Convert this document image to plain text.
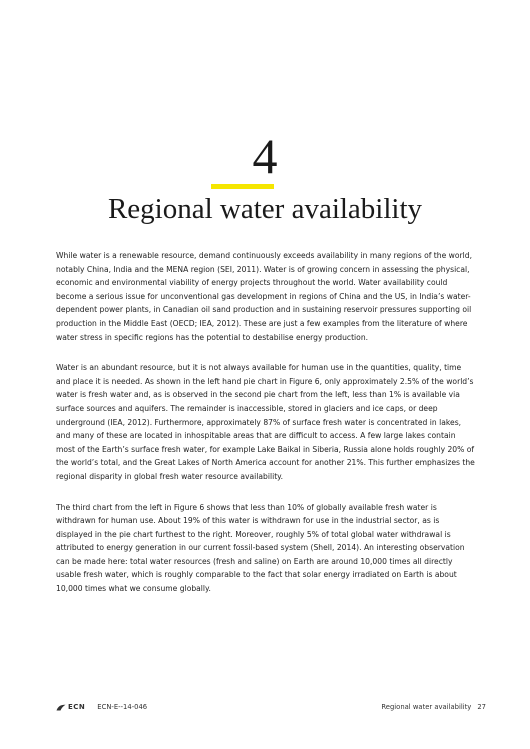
4
Regional water availability

While water is a renewable resource, demand continuously exceeds availability in many regions of the world, notably China, India and the MENA region (SEI, 2011). Water is of growing concern in assessing the physical, economic and environmental viability of energy projects throughout the world. Water availability could become a serious issue for unconventional gas development in regions of China and the US, in India’s water-dependent power plants, in Canadian oil sand production and in sustaining reservoir pressures supporting oil production in the Middle East (OECD; IEA, 2012). These are just a few examples from the literature of where water stress in specific regions has the potential to destabilise energy production.

Water is an abundant resource, but it is not always available for human use in the quantities, quality, time and place it is needed. As shown in the left hand pie chart in Figure 6, only approximately 2.5% of the world’s water is fresh water and, as is observed in the second pie chart from the left, less than 1% is available via surface sources and aquifers. The remainder is inaccessible, stored in glaciers and ice caps, or deep underground (IEA, 2012). Furthermore, approximately 87% of surface fresh water is concentrated in lakes, and many of these are located in inhospitable areas that are difficult to access. A few large lakes contain most of the Earth’s surface fresh water, for example Lake Baikal in Siberia, Russia alone holds roughly 20% of the world’s total, and the Great Lakes of North America account for another 21%. This further emphasizes the regional disparity in global fresh water resource availability.

The third chart from the left in Figure 6 shows that less than 10% of globally available fresh water is withdrawn for human use. About 19% of this water is withdrawn for use in the industrial sector, as is displayed in the pie chart furthest to the right. Moreover, roughly 5% of total global water withdrawal is attributed to energy generation in our current fossil-based system (Shell, 2014). An interesting observation can be made here: total water resources (fresh and saline) on Earth are around 10,000 times all directly usable fresh water, which is roughly comparable to the fact that solar energy irradiated on Earth is about 10,000 times what we consume globally.

ECN ECN-E--14-046	Regional water availability 27
